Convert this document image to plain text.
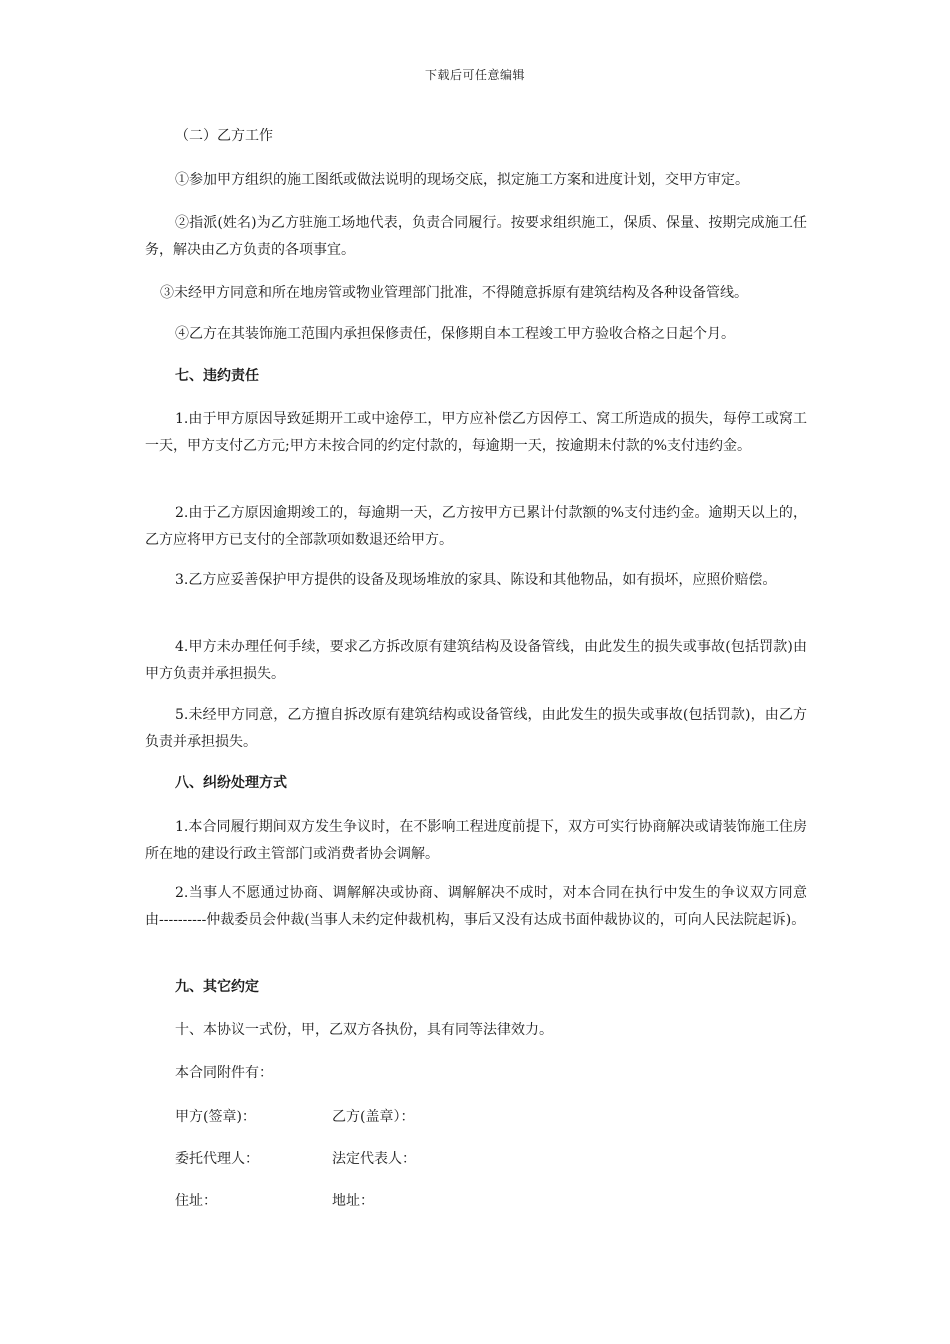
下载后可任意编辑

（二）乙方工作

①参加甲方组织的施工图纸或做法说明的现场交底，拟定施工方案和进度计划，交甲方审定。

②指派(姓名)为乙方驻施工场地代表，负责合同履行。按要求组织施工，保质、保量、按期完成施工任务，解决由乙方负责的各项事宜。

③未经甲方同意和所在地房管或物业管理部门批准，不得随意拆原有建筑结构及各种设备管线。

④乙方在其装饰施工范围内承担保修责任，保修期自本工程竣工甲方验收合格之日起个月。

七、违约责任

1.由于甲方原因导致延期开工或中途停工，甲方应补偿乙方因停工、窝工所造成的损失，每停工或窝工一天，甲方支付乙方元;甲方未按合同的约定付款的，每逾期一天，按逾期未付款的%支付违约金。

2.由于乙方原因逾期竣工的，每逾期一天，乙方按甲方已累计付款额的%支付违约金。逾期天以上的，乙方应将甲方已支付的全部款项如数退还给甲方。

3.乙方应妥善保护甲方提供的设备及现场堆放的家具、陈设和其他物品，如有损坏，应照价赔偿。

4.甲方未办理任何手续，要求乙方拆改原有建筑结构及设备管线，由此发生的损失或事故(包括罚款)由甲方负责并承担损失。

5.未经甲方同意，乙方擅自拆改原有建筑结构或设备管线，由此发生的损失或事故(包括罚款)，由乙方负责并承担损失。

八、纠纷处理方式

1.本合同履行期间双方发生争议时，在不影响工程进度前提下，双方可实行协商解决或请装饰施工住房所在地的建设行政主管部门或消费者协会调解。

2.当事人不愿通过协商、调解解决或协商、调解解决不成时，对本合同在执行中发生的争议双方同意由----------仲裁委员会仲裁(当事人未约定仲裁机构，事后又没有达成书面仲裁协议的，可向人民法院起诉)。

九、其它约定

十、本协议一式份，甲，乙双方各执份，具有同等法律效力。

本合同附件有：

甲方(签章)：	乙方(盖章）：
委托代理人：	法定代表人：
住址：	地址：
